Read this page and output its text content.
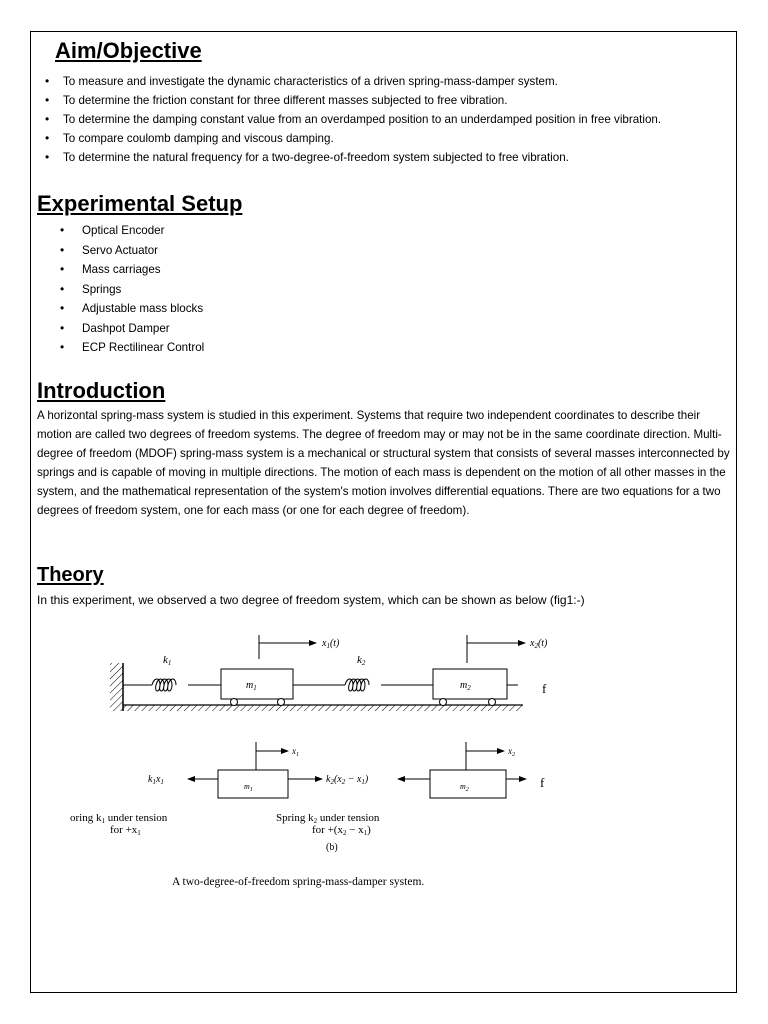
Aim/Objective
• To measure and investigate the dynamic characteristics of a driven spring-mass-damper system.
• To determine the friction constant for three different masses subjected to free vibration.
• To determine the damping constant value from an overdamped position to an underdamped position in free vibration.
• To compare coulomb damping and viscous damping.
• To determine the natural frequency for a two-degree-of-freedom system subjected to free vibration.
Experimental Setup
• Optical Encoder
• Servo Actuator
• Mass carriages
• Springs
• Adjustable mass blocks
• Dashpot Damper
• ECP Rectilinear Control
Introduction

A horizontal spring-mass system is studied in this experiment. Systems that require two independent coordinates to describe their motion are called two degrees of freedom systems. The degree of freedom may or may not be in the same coordinate direction. Multi-degree of freedom (MDOF) spring-mass system is a mechanical or structural system that consists of several masses interconnected by springs and is capable of moving in multiple directions. The motion of each mass is dependent on the motion of all other masses in the system, and the mathematical representation of the system's motion involves differential equations. There are two equations for a two degrees of freedom system, one for each mass (or one for each degree of freedom).

Theory

In this experiment, we observed a two degree of freedom system, which can be shown as below (fig1:-)

k1
$m_1$
k2
$m_2$
$x_1(t)$	$x_2(t)$
f
$k_1x_1$	$m_1$
$x_1$
$k_2(x_2 - x_1)$
$m_2$
$x_2$
f
oring k1 under tension
for +x1
Spring k2 under tension
for +(x2 − x1)
(b)
A two-degree-of-freedom spring-mass-damper system.
